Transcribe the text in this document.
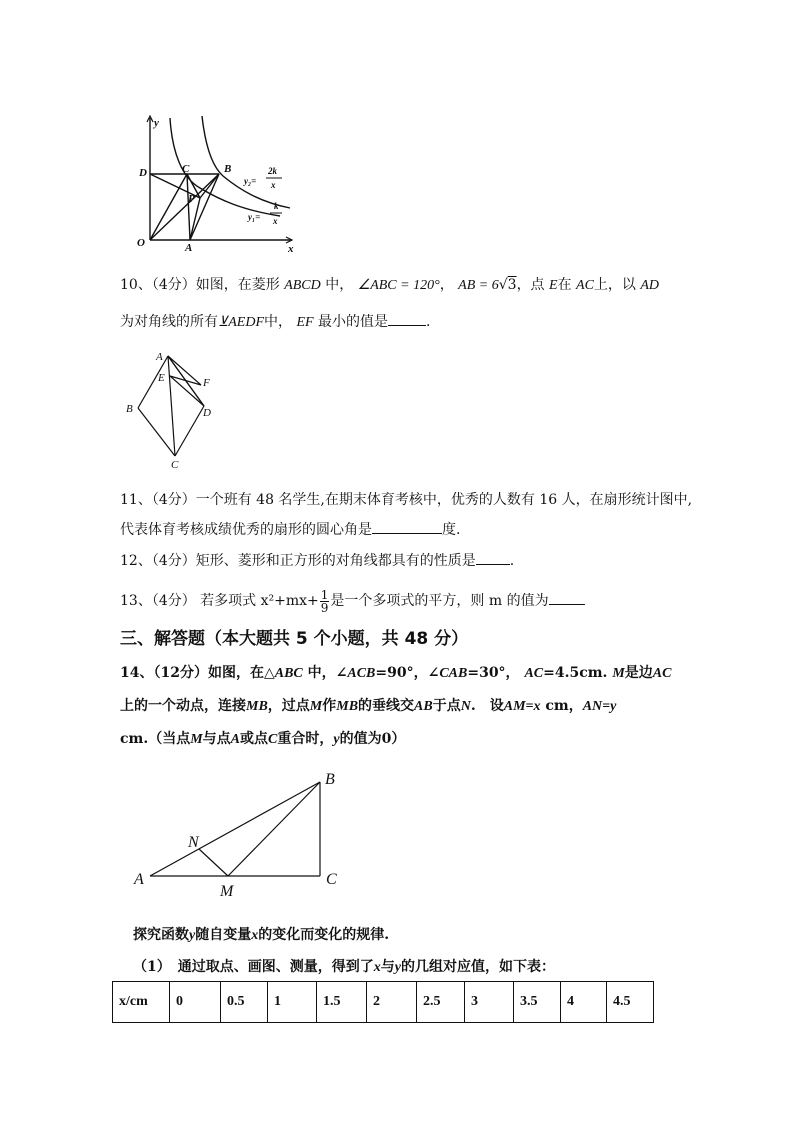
y
x
O
D	C	B
P
A
y₂=
2k
x
y₁=
k
x
10、（4分）如图，在菱形 ABCD 中， ∠ABC = 120°， AB = 6√3，点 E在 AC上，以 AD
为对角线的所有⊻AEDF中， EF 最小的值是	.
A
E	F
B	D
C
11、（4分）一个班有 48 名学生,在期末体育考核中，优秀的人数有 16 人，在扇形统计图中,
代表体育考核成绩优秀的扇形的圆心角是	度.
12、（4分）矩形、菱形和正方形的对角线都具有的性质是 .
13、（4分） 若多项式 $x^2+mx+ \frac{1}{9}$ 是一个多项式的平方，则 m 的值为
三、解答题（本大题共 5 个小题，共 48 分）
14、（12分）如图，在△ABC 中，∠ACB=90°，∠CAB=30°， AC=4.5cm. M是边AC
上的一个动点，连接MB，过点M作MB的垂线交AB于点N.　设AM=x cm，AN=y
cm.（当点M与点A或点C重合时，y的值为0）
B
N
A
M
C
探究函数y随自变量x的变化而变化的规律.
（1）　通过取点、画图、测量，得到了x与y的几组对应值，如下表：
x/cm	0	0.5	1	1.5	2	2.5	3	3.5	4	4.5
